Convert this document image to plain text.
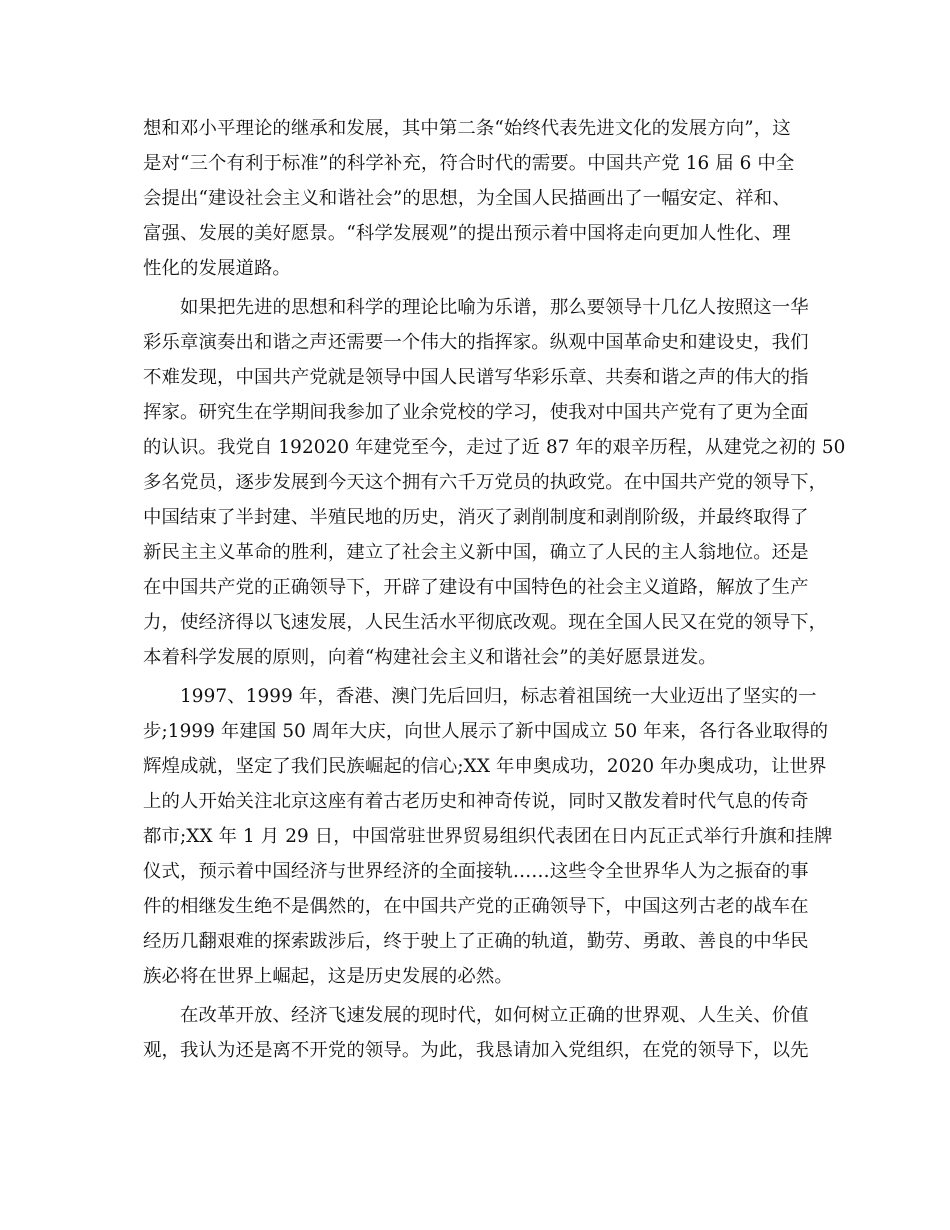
想和邓小平理论的继承和发展，其中第二条“始终代表先进文化的发展方向”，这
是对“三个有利于标准”的科学补充，符合时代的需要。中国共产党 16 届 6 中全
会提出“建设社会主义和谐社会”的思想，为全国人民描画出了一幅安定、祥和、
富强、发展的美好愿景。“科学发展观”的提出预示着中国将走向更加人性化、理
性化的发展道路。
如果把先进的思想和科学的理论比喻为乐谱，那么要领导十几亿人按照这一华
彩乐章演奏出和谐之声还需要一个伟大的指挥家。纵观中国革命史和建设史，我们
不难发现，中国共产党就是领导中国人民谱写华彩乐章、共奏和谐之声的伟大的指
挥家。研究生在学期间我参加了业余党校的学习，使我对中国共产党有了更为全面
的认识。我党自 192020 年建党至今，走过了近 87 年的艰辛历程，从建党之初的 50
多名党员，逐步发展到今天这个拥有六千万党员的执政党。在中国共产党的领导下，
中国结束了半封建、半殖民地的历史，消灭了剥削制度和剥削阶级，并最终取得了
新民主主义革命的胜利，建立了社会主义新中国，确立了人民的主人翁地位。还是
在中国共产党的正确领导下，开辟了建设有中国特色的社会主义道路，解放了生产
力，使经济得以飞速发展，人民生活水平彻底改观。现在全国人民又在党的领导下，
本着科学发展的原则，向着“构建社会主义和谐社会”的美好愿景迸发。
1997、1999 年，香港、澳门先后回归，标志着祖国统一大业迈出了坚实的一
步;1999 年建国 50 周年大庆，向世人展示了新中国成立 50 年来，各行各业取得的
辉煌成就，坚定了我们民族崛起的信心;XX 年申奥成功，2020 年办奥成功，让世界
上的人开始关注北京这座有着古老历史和神奇传说，同时又散发着时代气息的传奇
都市;XX 年 1 月 29 日，中国常驻世界贸易组织代表团在日内瓦正式举行升旗和挂牌
仪式，预示着中国经济与世界经济的全面接轨……这些令全世界华人为之振奋的事
件的相继发生绝不是偶然的，在中国共产党的正确领导下，中国这列古老的战车在
经历几翻艰难的探索跋涉后，终于驶上了正确的轨道，勤劳、勇敢、善良的中华民
族必将在世界上崛起，这是历史发展的必然。
在改革开放、经济飞速发展的现时代，如何树立正确的世界观、人生关、价值
观，我认为还是离不开党的领导。为此，我恳请加入党组织，在党的领导下，以先
